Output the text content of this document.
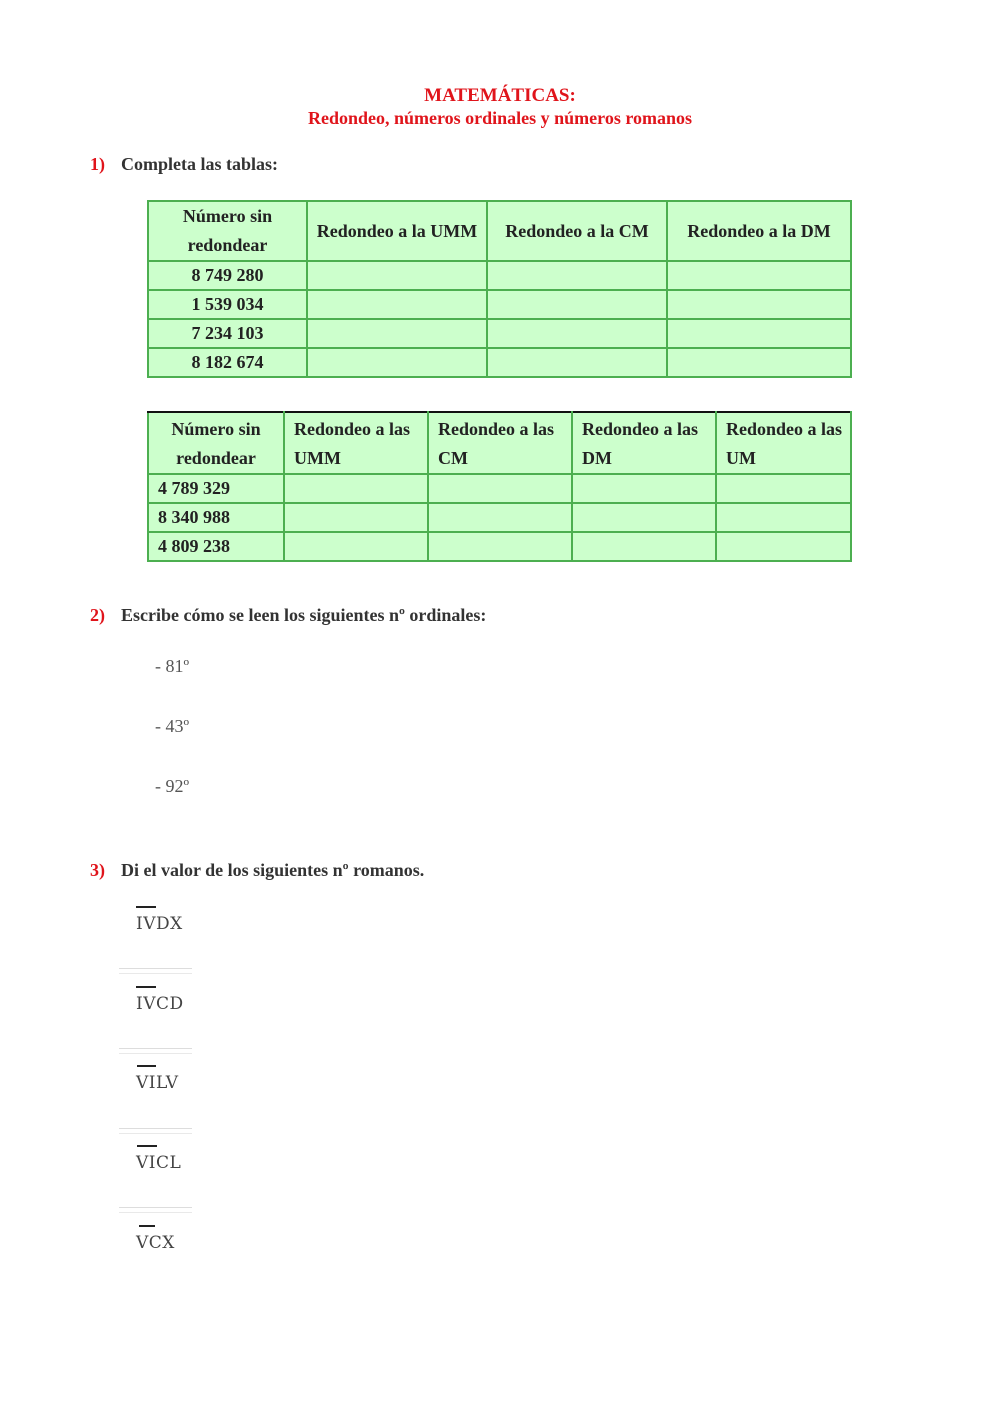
MATEMÁTICAS:
Redondeo, números ordinales y números romanos
1) Completa las tablas:
Número sin redondear	Redondeo a la UMM	Redondeo a la CM	Redondeo a la DM
8 749 280			
1 539 034			
7 234 103			
8 182 674			
Número sin redondear	Redondeo a las UMM	Redondeo a las CM	Redondeo a las DM	Redondeo a las UM
4 789 329				
8 340 988				
4 809 238				
2) Escribe cómo se leen los siguientes nº ordinales:
- 81º
- 43º
- 92º
3) Di el valor de los siguientes nº romanos.
IVDX
IVCD
VILV
VICL
VCX
